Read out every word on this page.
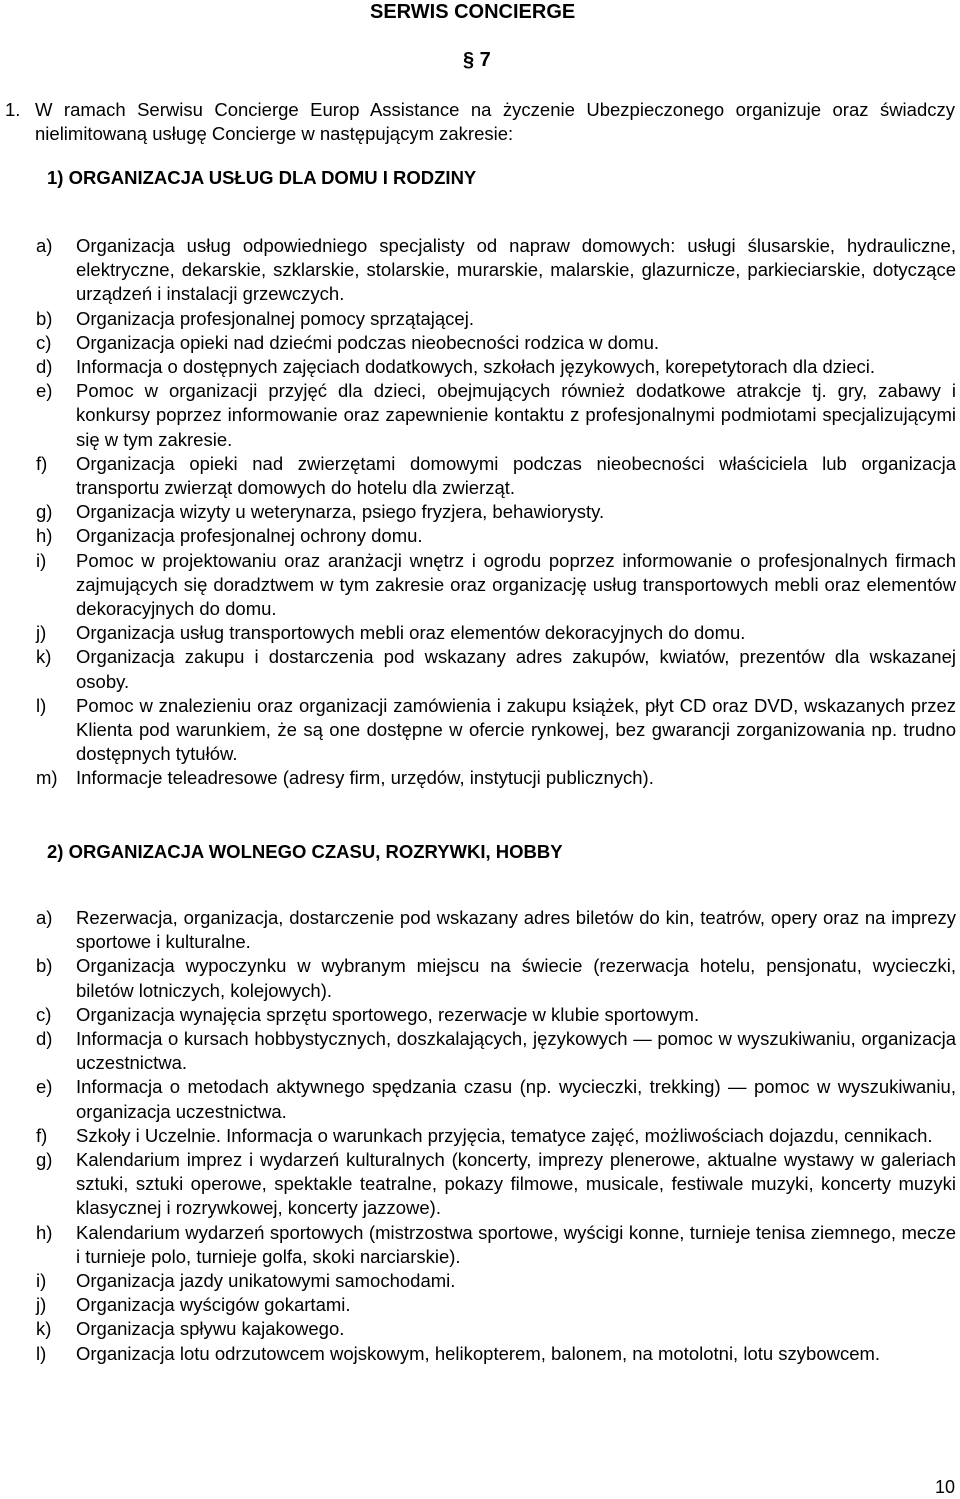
SERWIS CONCIERGE
§ 7
1. W ramach Serwisu Concierge Europ Assistance na życzenie Ubezpieczonego organizuje oraz świadczy nielimitowaną usługę Concierge w następującym zakresie:
1) ORGANIZACJA USŁUG DLA DOMU I RODZINY
a) Organizacja usług odpowiedniego specjalisty od napraw domowych: usługi ślusarskie, hydrauliczne, elektryczne, dekarskie, szklarskie, stolarskie, murarskie, malarskie, glazurnicze, parkieciarskie, dotyczące urządzeń i instalacji grzewczych.
b) Organizacja profesjonalnej pomocy sprzątającej.
c) Organizacja opieki nad dziećmi podczas nieobecności rodzica w domu.
d) Informacja o dostępnych zajęciach dodatkowych, szkołach językowych, korepetytorach dla dzieci.
e) Pomoc w organizacji przyjęć dla dzieci, obejmujących również dodatkowe atrakcje tj. gry, zabawy i konkursy poprzez informowanie oraz zapewnienie kontaktu z profesjonalnymi podmiotami specjalizującymi się w tym zakresie.
f) Organizacja opieki nad zwierzętami domowymi podczas nieobecności właściciela lub organizacja transportu zwierząt domowych do hotelu dla zwierząt.
g) Organizacja wizyty u weterynarza, psiego fryzjera, behawiorysty.
h) Organizacja profesjonalnej ochrony domu.
i) Pomoc w projektowaniu oraz aranżacji wnętrz i ogrodu poprzez informowanie o profesjonalnych firmach zajmujących się doradztwem w tym zakresie oraz organizację usług transportowych mebli oraz elementów dekoracyjnych do domu.
j) Organizacja usług transportowych mebli oraz elementów dekoracyjnych do domu.
k) Organizacja zakupu i dostarczenia pod wskazany adres zakupów, kwiatów, prezentów dla wskazanej osoby.
l) Pomoc w znalezieniu oraz organizacji zamówienia i zakupu książek, płyt CD oraz DVD, wskazanych przez Klienta pod warunkiem, że są one dostępne w ofercie rynkowej, bez gwarancji zorganizowania np. trudno dostępnych tytułów.
m) Informacje teleadresowe (adresy firm, urzędów, instytucji publicznych).
2) ORGANIZACJA WOLNEGO CZASU, ROZRYWKI, HOBBY
a) Rezerwacja, organizacja, dostarczenie pod wskazany adres biletów do kin, teatrów, opery oraz na imprezy sportowe i kulturalne.
b) Organizacja wypoczynku w wybranym miejscu na świecie (rezerwacja hotelu, pensjonatu, wycieczki, biletów lotniczych, kolejowych).
c) Organizacja wynajęcia sprzętu sportowego, rezerwacje w klubie sportowym.
d) Informacja o kursach hobbystycznych, doszkalających, językowych — pomoc w wyszukiwaniu, organizacja uczestnictwa.
e) Informacja o metodach aktywnego spędzania czasu (np. wycieczki, trekking) — pomoc w wyszukiwaniu, organizacja uczestnictwa.
f) Szkoły i Uczelnie. Informacja o warunkach przyjęcia, tematyce zajęć, możliwościach dojazdu, cennikach.
g) Kalendarium imprez i wydarzeń kulturalnych (koncerty, imprezy plenerowe, aktualne wystawy w galeriach sztuki, sztuki operowe, spektakle teatralne, pokazy filmowe, musicale, festiwale muzyki, koncerty muzyki klasycznej i rozrywkowej, koncerty jazzowe).
h) Kalendarium wydarzeń sportowych (mistrzostwa sportowe, wyścigi konne, turnieje tenisa ziemnego, mecze i turnieje polo, turnieje golfa, skoki narciarskie).
i) Organizacja jazdy unikatowymi samochodami.
j) Organizacja wyścigów gokartami.
k) Organizacja spływu kajakowego.
l) Organizacja lotu odrzutowcem wojskowym, helikopterem, balonem, na motolotni, lotu szybowcem.
10
